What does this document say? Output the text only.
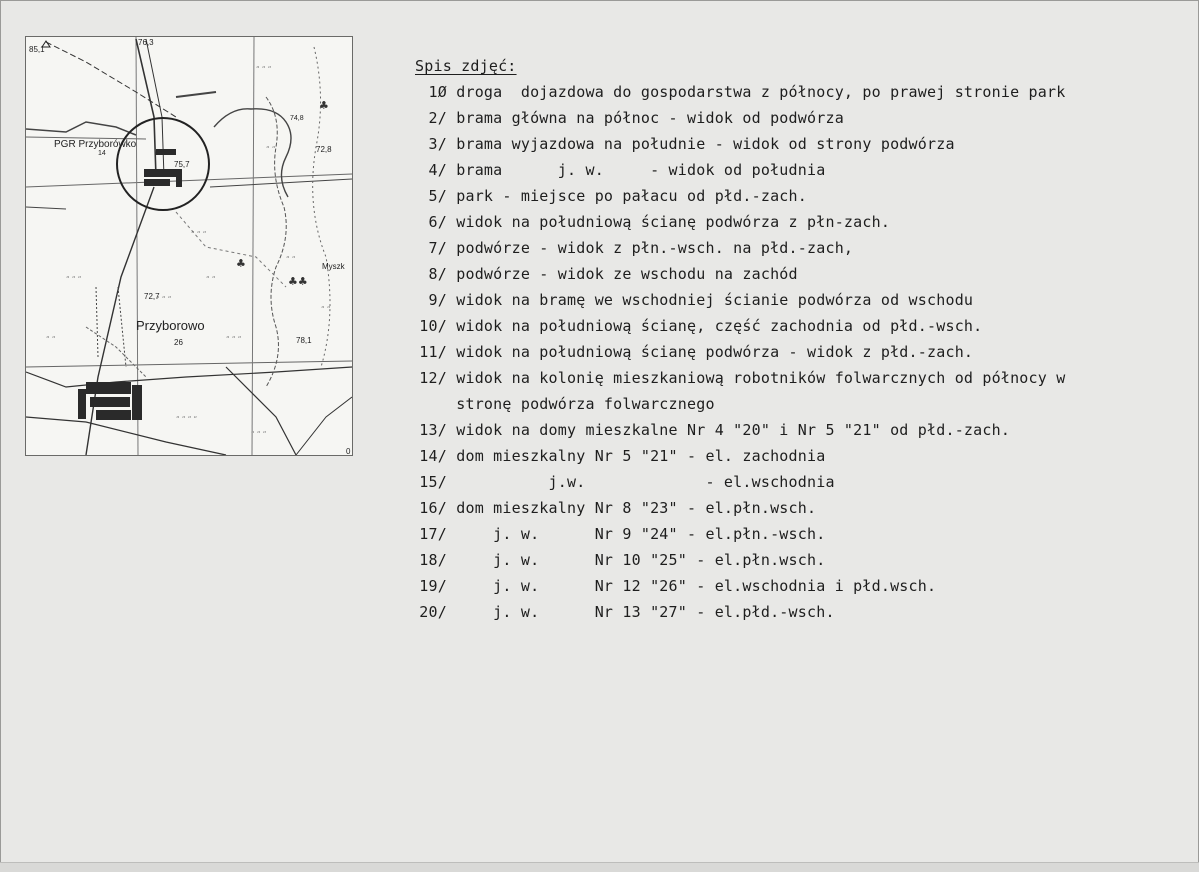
„ „ „
„ „
„ „ „
„ „
„ „ „
„ „ „
„ „ „ „
„ „
„ „
„ „
„ „ „
„ „ „
85,1
76,3
PGR Przyborówko
14
75,7
72,8
74,8
Myszk
72,7
Przyborowo
26	78,1
0
♣
♣
♣♣
Spis zdjęć:
1Ø droga  dojazdowa do gospodarstwa z północy, po prawej stronie park
2/ brama główna na północ - widok od podwórza
3/ brama wyjazdowa na południe - widok od strony podwórza
4/ brama      j. w.     - widok od południa
5/ park - miejsce po pałacu od płd.-zach.
6/ widok na południową ścianę podwórza z płn-zach.
7/ podwórze - widok z płn.-wsch. na płd.-zach,
8/ podwórze - widok ze wschodu na zachód
9/ widok na bramę we wschodniej ścianie podwórza od wschodu
10/ widok na południową ścianę, część zachodnia od płd.-wsch.
11/ widok na południową ścianę podwórza - widok z płd.-zach.
12/ widok na kolonię mieszkaniową robotników folwarcznych od północy w
stronę podwórza folwarcznego
13/ widok na domy mieszkalne Nr 4 "20" i Nr 5 "21" od płd.-zach.
14/ dom mieszkalny Nr 5 "21" - el. zachodnia
15/ j.w.             - el.wschodnia
16/ dom mieszkalny Nr 8 "23" - el.płn.wsch.
17/ j. w.      Nr 9 "24" - el.płn.-wsch.
18/ j. w.      Nr 10 "25" - el.płn.wsch.
19/ j. w.      Nr 12 "26" - el.wschodnia i płd.wsch.
20/ j. w.      Nr 13 "27" - el.płd.-wsch.
